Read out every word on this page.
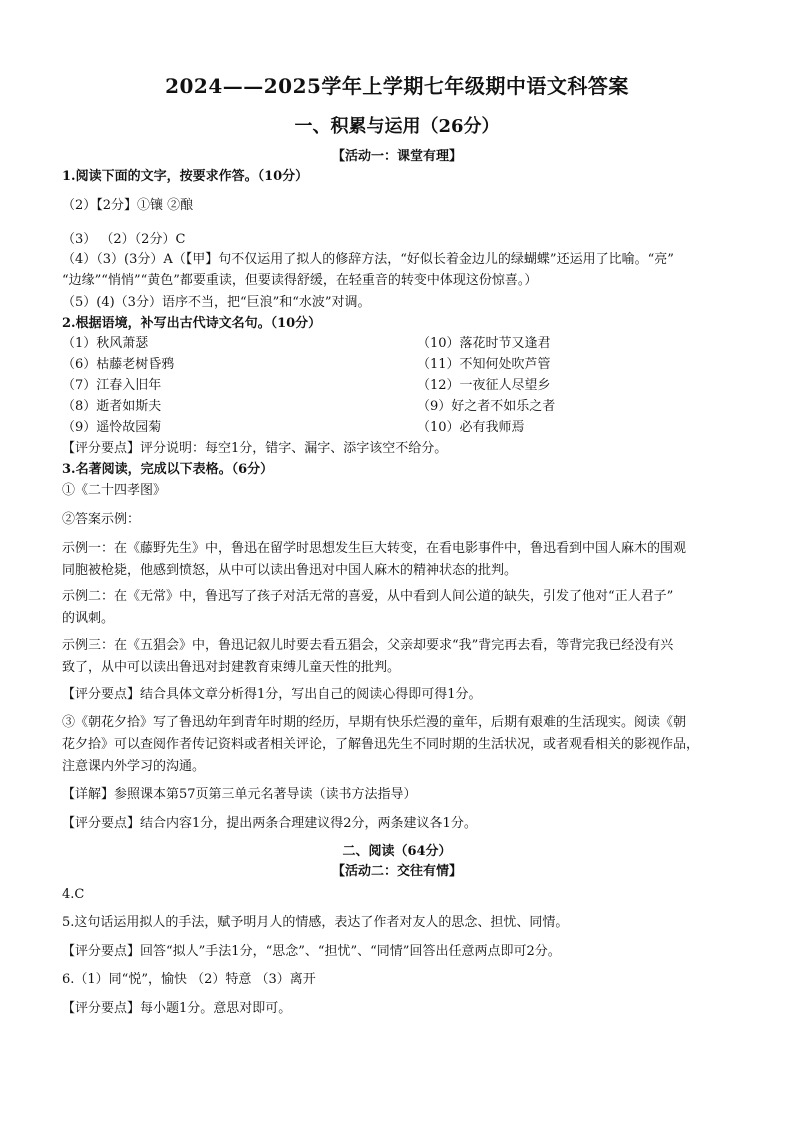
2024——2025学年上学期七年级期中语文科答案
一、积累与运用（26分）
【活动一：课堂有理】
1.阅读下面的文字，按要求作答。（10分）
（2）【2分】①镶 ②酿
（3） （2）（2分）C
（4）（3）(3分）A（【甲】句不仅运用了拟人的修辞方法，“好似长着金边儿的绿蝴蝶”还运用了比喻。“亮”
“边缘”“悄悄”“黄色”都要重读，但要读得舒缓，在轻重音的转变中体现这份惊喜。）
（5）(4)（3分）语序不当，把“巨浪”和“水波”对调。
2.根据语境，补写出古代诗文名句。（10分）
（1）秋风萧瑟	（10）落花时节又逢君
（6）枯藤老树昏鸦	（11）不知何处吹芦管
（7）江春入旧年	（12）一夜征人尽望乡
（8）逝者如斯夫	（9）好之者不如乐之者
（9）遥怜故园菊	（10）必有我师焉
【评分要点】评分说明：每空1分，错字、漏字、添字该空不给分。
3.名著阅读，完成以下表格。（6分）
①《二十四孝图》
②答案示例：
示例一：在《藤野先生》中，鲁迅在留学时思想发生巨大转变，在看电影事件中，鲁迅看到中国人麻木的围观
同胞被枪毙，他感到愤怒，从中可以读出鲁迅对中国人麻木的精神状态的批判。
示例二：在《无常》中，鲁迅写了孩子对活无常的喜爱，从中看到人间公道的缺失，引发了他对“正人君子”
的讽刺。
示例三：在《五猖会》中，鲁迅记叙儿时要去看五猖会，父亲却要求“我”背完再去看，等背完我已经没有兴
致了，从中可以读出鲁迅对封建教育束缚儿童天性的批判。
【评分要点】结合具体文章分析得1分，写出自己的阅读心得即可得1分。
③《朝花夕拾》写了鲁迅幼年到青年时期的经历，早期有快乐烂漫的童年，后期有艰难的生活现实。阅读《朝
花夕拾》可以查阅作者传记资料或者相关评论，了解鲁迅先生不同时期的生活状况，或者观看相关的影视作品，
注意课内外学习的沟通。
【详解】参照课本第57页第三单元名著导读（读书方法指导）
【评分要点】结合内容1分，提出两条合理建议得2分，两条建议各1分。
二、阅读（64分）
【活动二：交往有情】
4.C
5.这句话运用拟人的手法，赋予明月人的情感，表达了作者对友人的思念、担忧、同情。
【评分要点】回答“拟人”手法1分，“思念”、“担忧”、“同情”回答出任意两点即可2分。
6.（1）同“悦”，愉快 （2）特意 （3）离开
【评分要点】每小题1分。意思对即可。
